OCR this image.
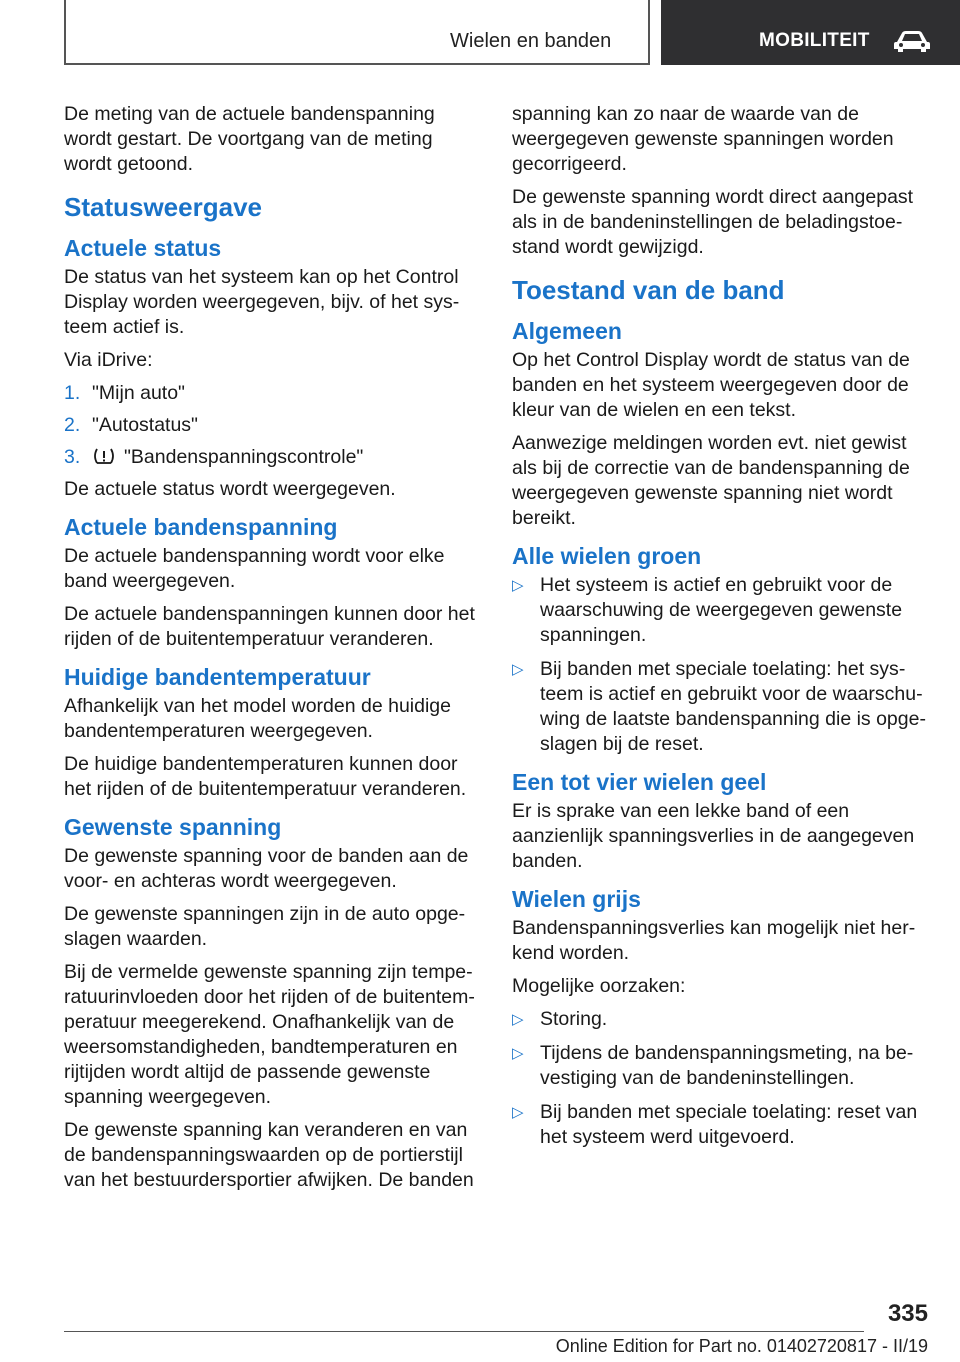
Wielen en banden	MOBILITEIT

De meting van de actuele bandenspanning wordt gestart. De voortgang van de meting wordt getoond.

Statusweergave
Actuele status

De status van het systeem kan op het Control Display worden weergegeven, bijv. of het systeem actief is.

Via iDrive:

1. "Mijn auto"
2. "Autostatus"
3. "Bandenspanningscontrole"

De actuele status wordt weergegeven.

Actuele bandenspanning

De actuele bandenspanning wordt voor elke band weergegeven.

De actuele bandenspanningen kunnen door het rijden of de buitentemperatuur veranderen.

Huidige bandentemperatuur

Afhankelijk van het model worden de huidige bandentemperaturen weergegeven.

De huidige bandentemperaturen kunnen door het rijden of de buitentemperatuur veranderen.

Gewenste spanning

De gewenste spanning voor de banden aan de voor- en achteras wordt weergegeven.

De gewenste spanningen zijn in de auto opgeslagen waarden.

Bij de vermelde gewenste spanning zijn temperatuurinvloeden door het rijden of de buitentemperatuur meegerekend. Onafhankelijk van de weersomstandigheden, bandtemperaturen en rijtijden wordt altijd de passende gewenste spanning weergegeven.

De gewenste spanning kan veranderen en van de bandenspanningswaarden op de portierstijl van het bestuurdersportier afwijken. De banden

spanning kan zo naar de waarde van de weergegeven gewenste spanningen worden gecorrigeerd.

De gewenste spanning wordt direct aangepast als in de bandeninstellingen de beladingstoestand wordt gewijzigd.

Toestand van de band
Algemeen

Op het Control Display wordt de status van de banden en het systeem weergegeven door de kleur van de wielen en een tekst.

Aanwezige meldingen worden evt. niet gewist als bij de correctie van de bandenspanning de weergegeven gewenste spanning niet wordt bereikt.

Alle wielen groen
▷ Het systeem is actief en gebruikt voor de waarschuwing de weergegeven gewenste spanningen.
▷ Bij banden met speciale toelating: het systeem is actief en gebruikt voor de waarschuwing de laatste bandenspanning die is opgeslagen bij de reset.
Een tot vier wielen geel

Er is sprake van een lekke band of een aanzienlijk spanningsverlies in de aangegeven banden.

Wielen grijs

Bandenspanningsverlies kan mogelijk niet herkend worden.

Mogelijke oorzaken:

▷ Storing.
▷ Tijdens de bandenspanningsmeting, na bevestiging van de bandeninstellingen.
▷ Bij banden met speciale toelating: reset van het systeem werd uitgevoerd.
335
Online Edition for Part no. 01402720817 - II/19
